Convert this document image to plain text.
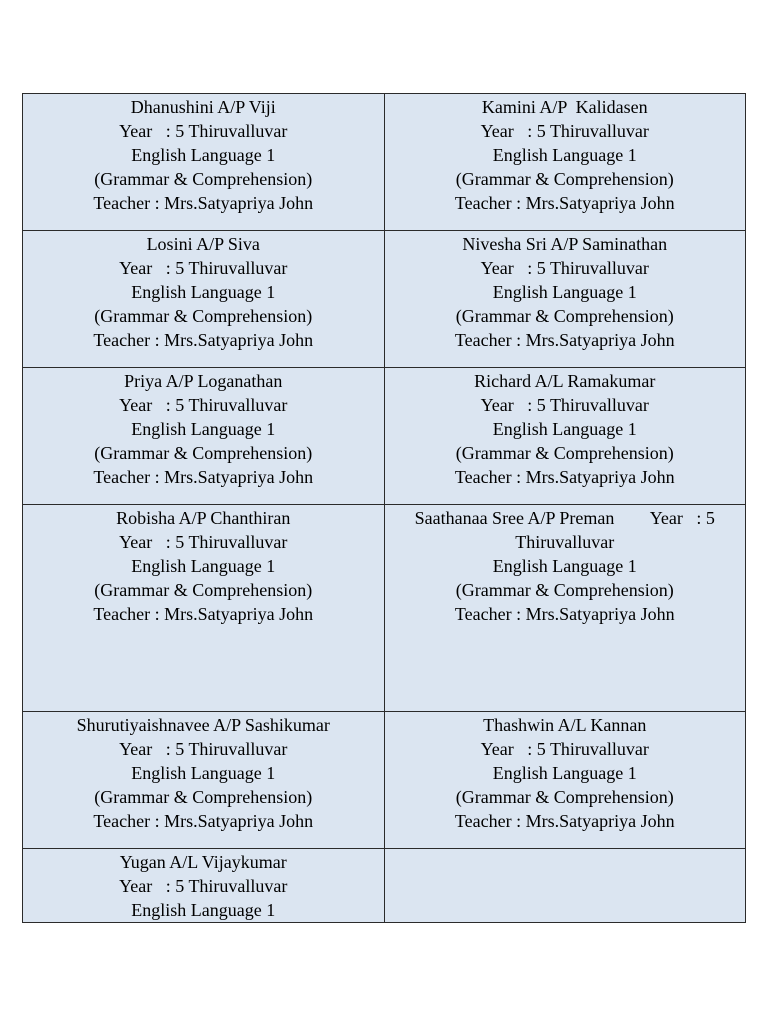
Dhanushini A/P Viji
Year   : 5 Thiruvalluvar
English Language 1
(Grammar & Comprehension)
Teacher : Mrs.Satyapriya John	Kamini A/P  Kalidasen
Year   : 5 Thiruvalluvar
English Language 1
(Grammar & Comprehension)
Teacher : Mrs.Satyapriya John

Losini A/P Siva
Year   : 5 Thiruvalluvar
English Language 1
(Grammar & Comprehension)
Teacher : Mrs.Satyapriya John	Nivesha Sri A/P Saminathan
Year   : 5 Thiruvalluvar
English Language 1
(Grammar & Comprehension)
Teacher : Mrs.Satyapriya John

Priya A/P Loganathan
Year   : 5 Thiruvalluvar
English Language 1
(Grammar & Comprehension)
Teacher : Mrs.Satyapriya John	Richard A/L Ramakumar
Year   : 5 Thiruvalluvar
English Language 1
(Grammar & Comprehension)
Teacher : Mrs.Satyapriya John

Robisha A/P Chanthiran
Year   : 5 Thiruvalluvar
English Language 1
(Grammar & Comprehension)
Teacher : Mrs.Satyapriya John	Saathanaa Sree A/P Preman Year   : 5
Thiruvalluvar
English Language 1
(Grammar & Comprehension)
Teacher : Mrs.Satyapriya John

Shurutiyaishnavee A/P Sashikumar
Year   : 5 Thiruvalluvar
English Language 1
(Grammar & Comprehension)
Teacher : Mrs.Satyapriya John	Thashwin A/L Kannan
Year   : 5 Thiruvalluvar
English Language 1
(Grammar & Comprehension)
Teacher : Mrs.Satyapriya John

Yugan A/L Vijaykumar
Year   : 5 Thiruvalluvar
English Language 1	
